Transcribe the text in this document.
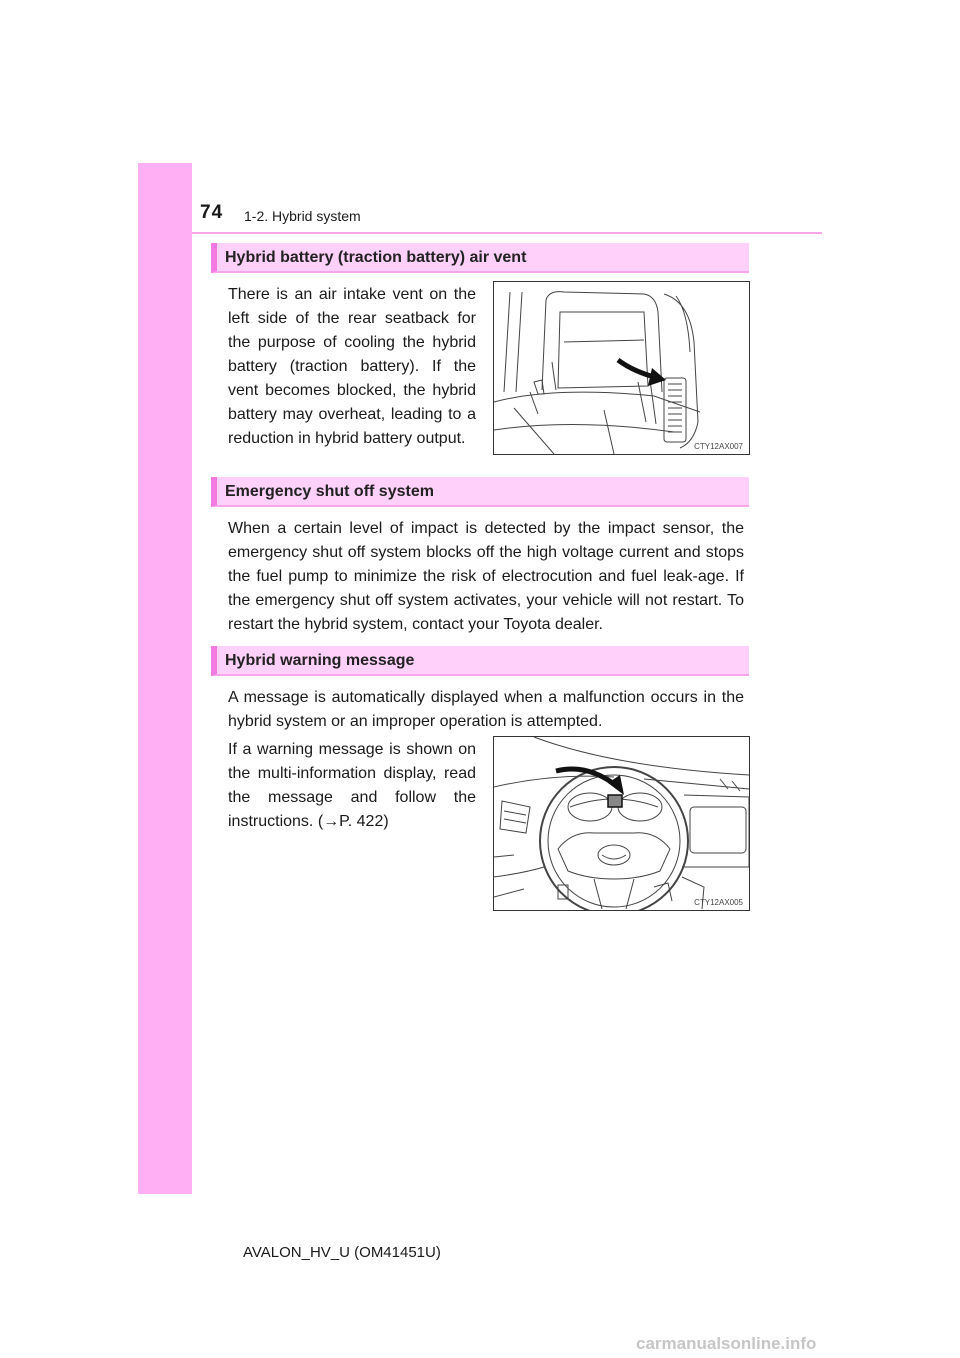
74 1-2. Hybrid system
Hybrid battery (traction battery) air vent
There is an air intake vent on the left side of the rear seatback for the purpose of cooling the hybrid battery (traction battery). If the vent becomes blocked, the hybrid battery may overheat, leading to a reduction in hybrid battery output.	CTY12AX007
Emergency shut off system
When a certain level of impact is detected by the impact sensor, the emergency shut off system blocks off the high voltage current and stops the fuel pump to minimize the risk of electrocution and fuel leak-age. If the emergency shut off system activates, your vehicle will not restart. To restart the hybrid system, contact your Toyota dealer.
Hybrid warning message
A message is automatically displayed when a malfunction occurs in the hybrid system or an improper operation is attempted.
If a warning message is shown on the multi-information display, read the message and follow the instructions. (→P. 422)
CTY12AX005
AVALON_HV_U (OM41451U)
carmanualsonline.info
